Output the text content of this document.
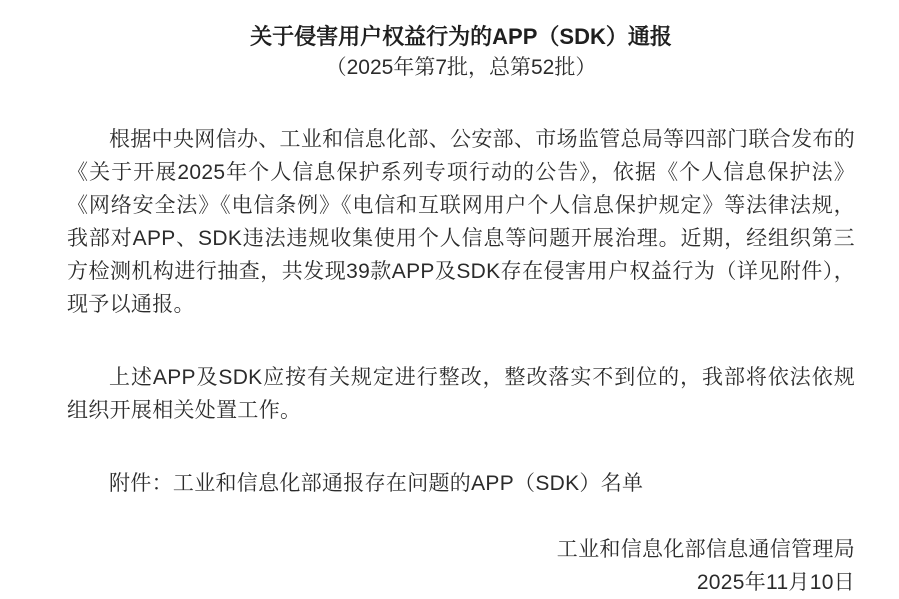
关于侵害用户权益行为的APP（SDK）通报
（2025年第7批，总第52批）

根据中央网信办、工业和信息化部、公安部、市场监管总局等四部门联合发布的《关于开展2025年个人信息保护系列专项行动的公告》，依据《个人信息保护法》《网络安全法》《电信条例》《电信和互联网用户个人信息保护规定》等法律法规，我部对APP、SDK违法违规收集使用个人信息等问题开展治理。近期，经组织第三方检测机构进行抽查，共发现39款APP及SDK存在侵害用户权益行为（详见附件），现予以通报。

上述APP及SDK应按有关规定进行整改，整改落实不到位的，我部将依法依规组织开展相关处置工作。

附件：工业和信息化部通报存在问题的APP（SDK）名单

工业和信息化部信息通信管理局
2025年11月10日
